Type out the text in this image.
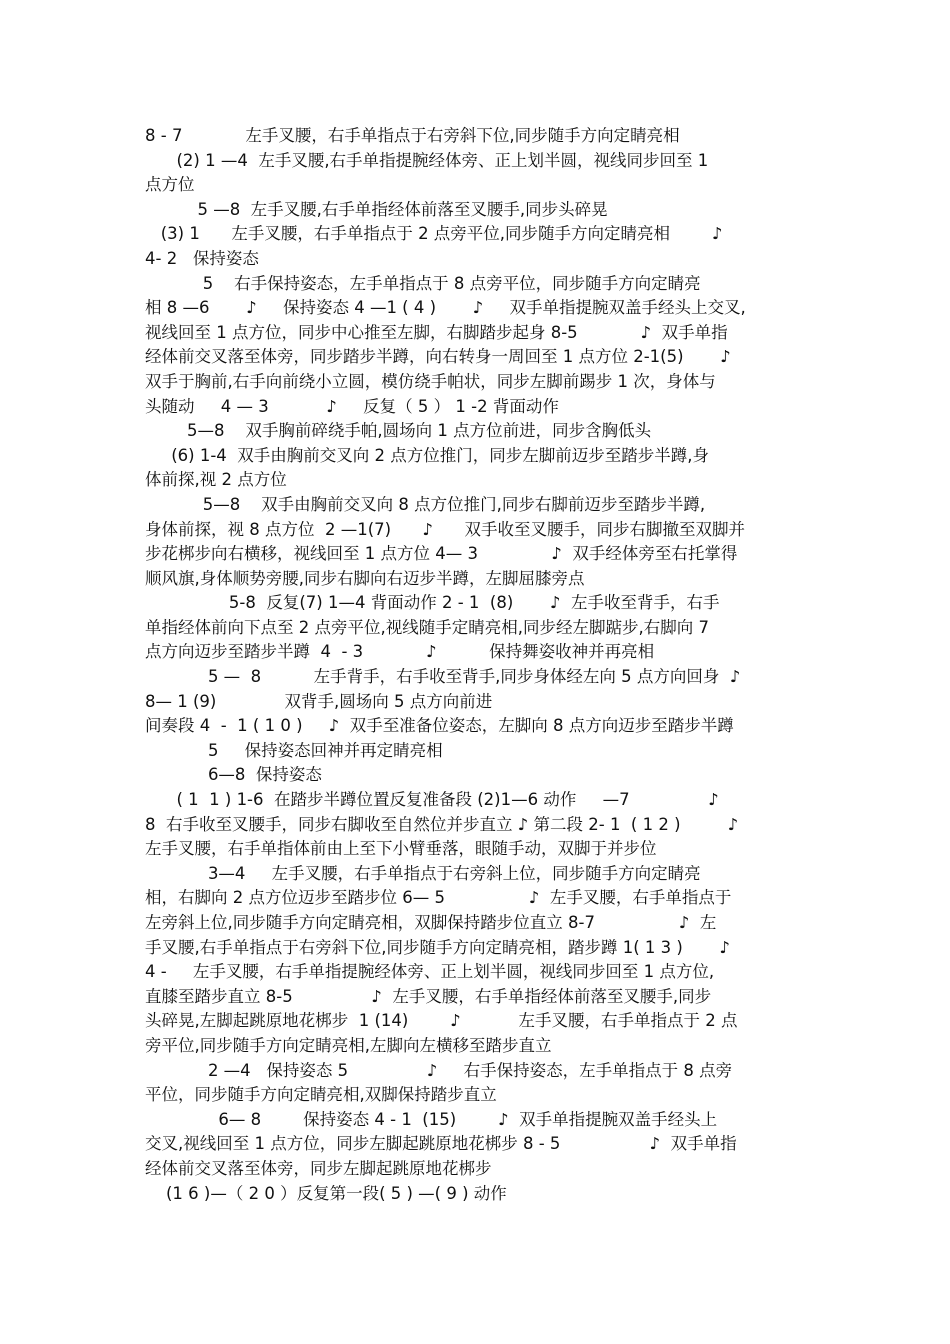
8 - 7            左手叉腰，右手单指点于右旁斜下位,同步随手方向定睛亮相
(2) 1 —4  左手叉腰,右手单指提腕经体旁、正上划半圆，视线同步回至 1
点方位
5 —8  左手叉腰,右手单指经体前落至叉腰手,同步头碎晃
(3) 1      左手叉腰，右手单指点于 2 点旁平位,同步随手方向定睛亮相        ♪
4- 2   保持姿态
5    右手保持姿态，左手单指点于 8 点旁平位，同步随手方向定睛亮
相 8 —6       ♪     保持姿态 4 —1 ( 4 )       ♪     双手单指提腕双盖手经头上交叉,
视线回至 1 点方位，同步中心推至左脚，右脚踏步起身 8-5            ♪  双手单指
经体前交叉落至体旁，同步踏步半蹲，向右转身一周回至 1 点方位 2-1(5)       ♪
双手于胸前,右手向前绕小立圆，模仿绕手帕状，同步左脚前踢步 1 次，身体与
头随动     4 — 3           ♪     反复（ 5 ） 1 -2 背面动作
5—8    双手胸前碎绕手帕,圆场向 1 点方位前进，同步含胸低头
(6) 1-4  双手由胸前交叉向 2 点方位推门，同步左脚前迈步至踏步半蹲,身
体前探,视 2 点方位
5—8    双手由胸前交叉向 8 点方位推门,同步右脚前迈步至踏步半蹲,
身体前探，视 8 点方位  2 —1(7)      ♪      双手收至叉腰手，同步右脚撤至双脚并
步花梆步向右横移，视线回至 1 点方位 4— 3              ♪  双手经体旁至右托掌得
顺风旗,身体顺势旁腰,同步右脚向右迈步半蹲，左脚屈膝旁点
5-8  反复(7) 1—4 背面动作 2 - 1  (8)       ♪  左手收至背手，右手
单指经体前向下点至 2 点旁平位,视线随手定睛亮相,同步经左脚踮步,右脚向 7
点方向迈步至踏步半蹲  4  - 3            ♪          保持舞姿收神并再亮相
5 —  8          左手背手，右手收至背手,同步身体经左向 5 点方向回身  ♪
8— 1 (9)             双背手,圆场向 5 点方向前进
间奏段 4  -  1 ( 1 0 )     ♪  双手至准备位姿态，左脚向 8 点方向迈步至踏步半蹲
5     保持姿态回神并再定睛亮相
6—8  保持姿态
( 1  1 ) 1-6  在踏步半蹲位置反复准备段 (2)1—6 动作     —7               ♪
8  右手收至叉腰手，同步右脚收至自然位并步直立 ♪ 第二段 2- 1  ( 1 2 )         ♪
左手叉腰，右手单指体前由上至下小臂垂落，眼随手动，双脚于并步位
3—4     左手叉腰，右手单指点于右旁斜上位，同步随手方向定睛亮
相，右脚向 2 点方位迈步至踏步位 6— 5                ♪  左手叉腰，右手单指点于
左旁斜上位,同步随手方向定睛亮相，双脚保持踏步位直立 8-7                ♪  左
手叉腰,右手单指点于右旁斜下位,同步随手方向定睛亮相，踏步蹲 1( 1 3 )       ♪
4 -     左手叉腰，右手单指提腕经体旁、正上划半圆，视线同步回至 1 点方位,
直膝至踏步直立 8-5               ♪  左手叉腰，右手单指经体前落至叉腰手,同步
头碎晃,左脚起跳原地花梆步  1 (14)        ♪           左手叉腰，右手单指点于 2 点
旁平位,同步随手方向定睛亮相,左脚向左横移至踏步直立
2 —4   保持姿态 5               ♪     右手保持姿态，左手单指点于 8 点旁
平位，同步随手方向定睛亮相,双脚保持踏步直立
6— 8        保持姿态 4 - 1  (15)        ♪  双手单指提腕双盖手经头上
交叉,视线回至 1 点方位，同步左脚起跳原地花梆步 8 - 5                 ♪  双手单指
经体前交叉落至体旁，同步左脚起跳原地花梆步
(1 6 )—（ 2 0 ）反复第一段( 5 ) —( 9 ) 动作
